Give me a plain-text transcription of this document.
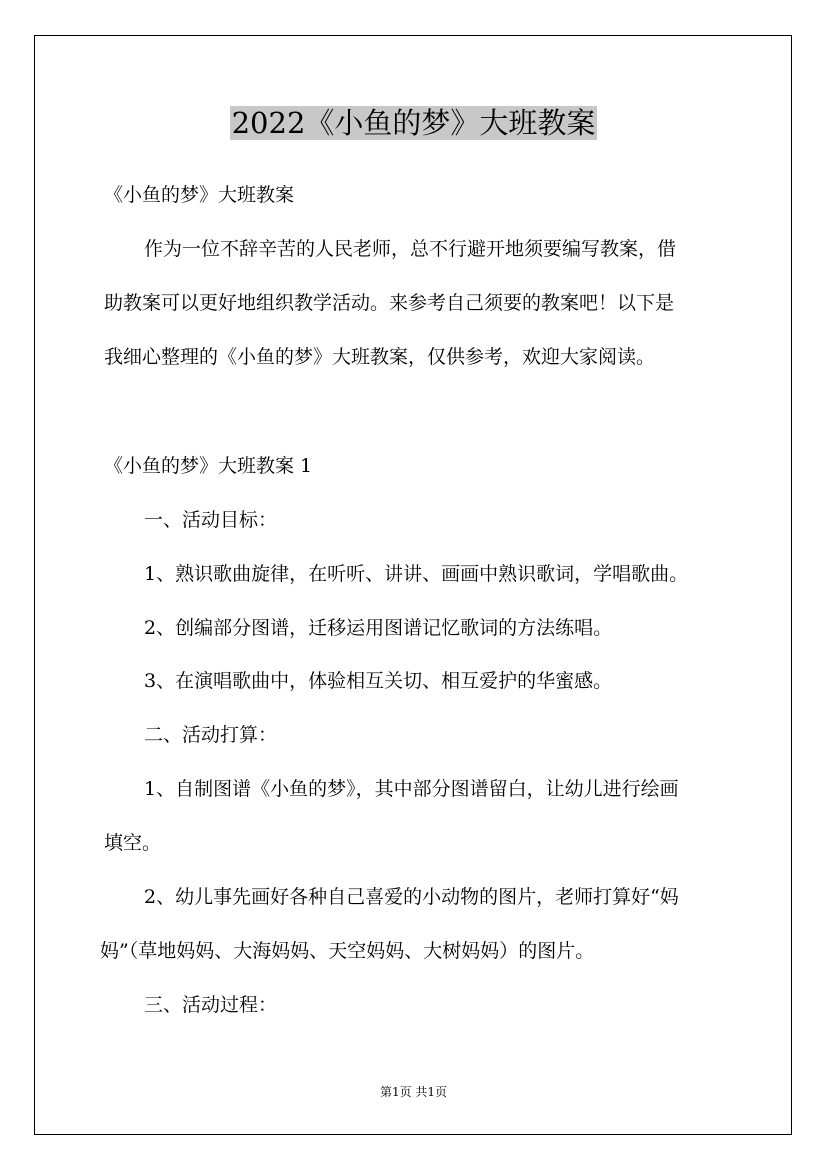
2022《小鱼的梦》大班教案
《小鱼的梦》大班教案
作为一位不辞辛苦的人民老师，总不行避开地须要编写教案，借
助教案可以更好地组织教学活动。来参考自己须要的教案吧！以下是
我细心整理的《小鱼的梦》大班教案，仅供参考，欢迎大家阅读。
《小鱼的梦》大班教案 1
一、活动目标：
1、熟识歌曲旋律，在听听、讲讲、画画中熟识歌词，学唱歌曲。
2、创编部分图谱，迁移运用图谱记忆歌词的方法练唱。
3、在演唱歌曲中，体验相互关切、相互爱护的华蜜感。
二、活动打算：
1、自制图谱《小鱼的梦》，其中部分图谱留白，让幼儿进行绘画
填空。
2、幼儿事先画好各种自己喜爱的小动物的图片，老师打算好“妈
妈”（草地妈妈、大海妈妈、天空妈妈、大树妈妈）的图片。
三、活动过程：
第1页 共1页
